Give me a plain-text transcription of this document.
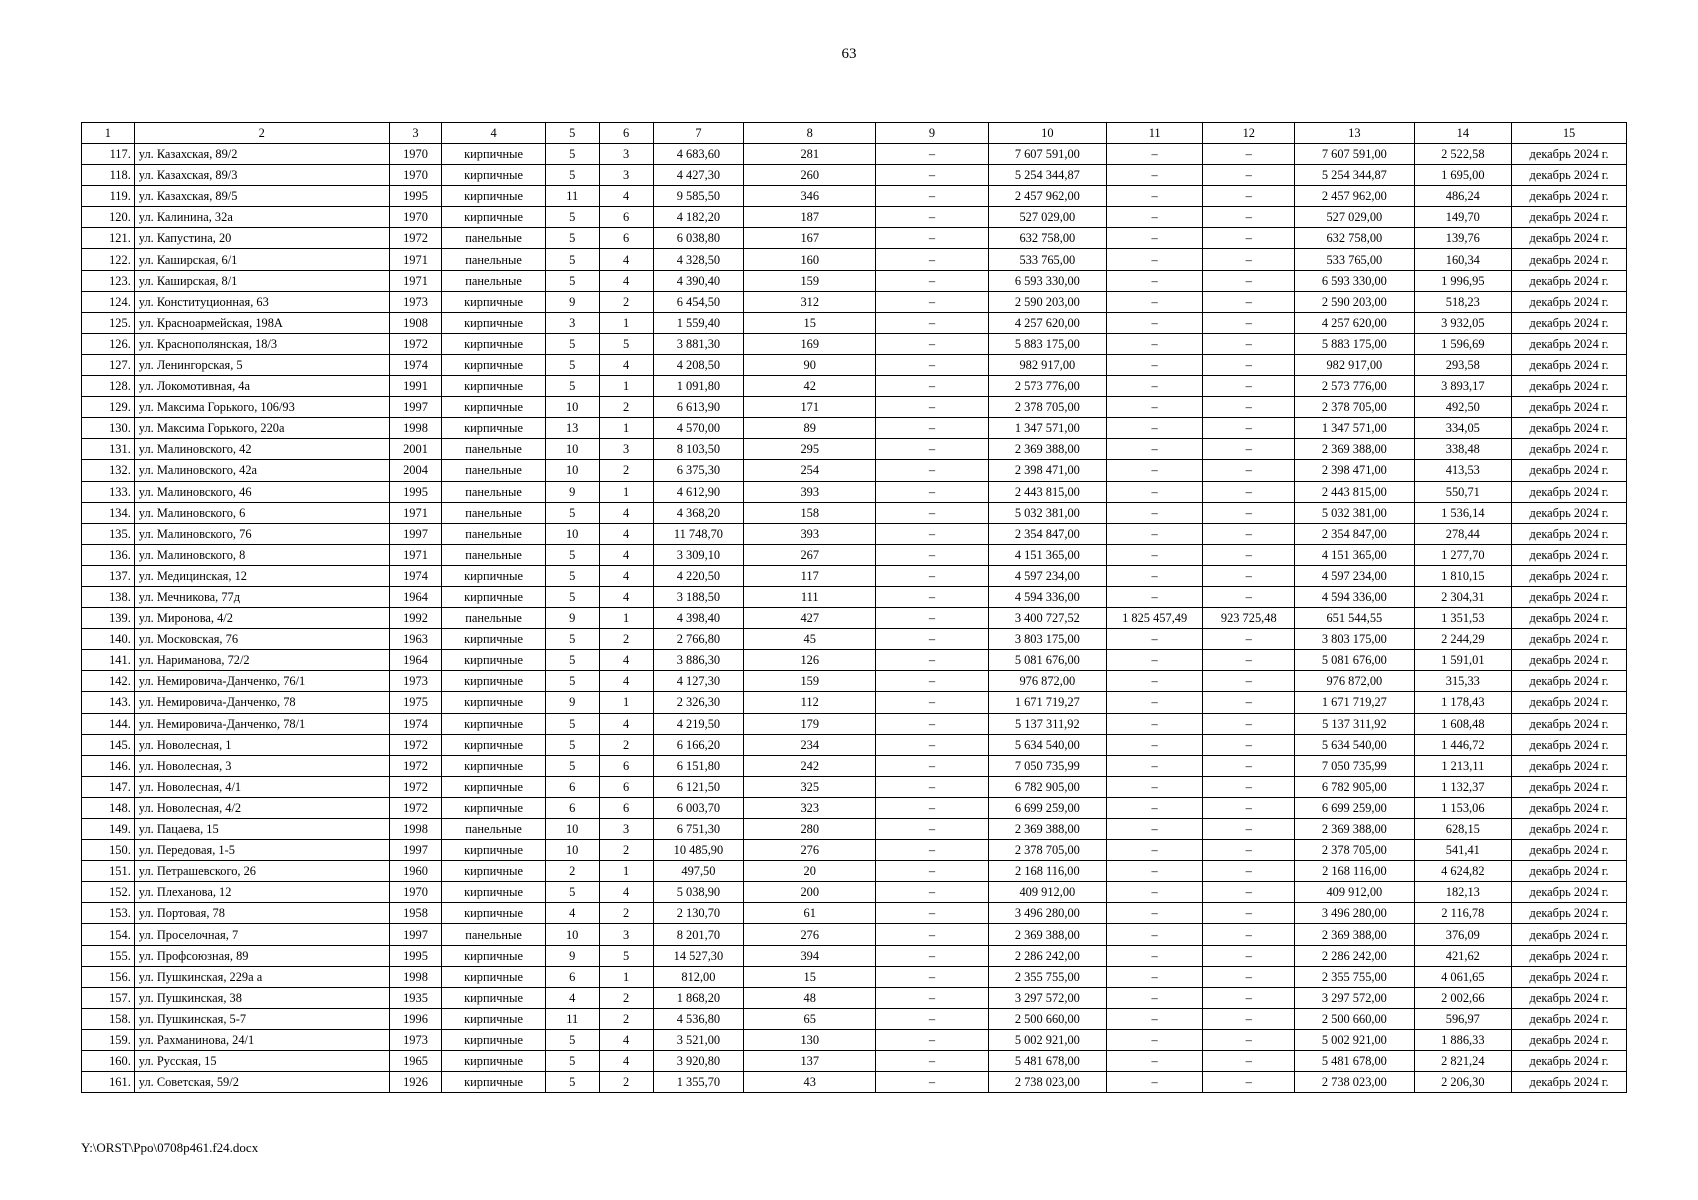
63
1	2	3	4	5	6	7	8	9	10	11	12	13	14	15
117.	ул. Казахская, 89/2	1970	кирпичные	5	3	4 683,60	281	–	7 607 591,00	–	–	7 607 591,00	2 522,58	декабрь 2024 г.
118.	ул. Казахская, 89/3	1970	кирпичные	5	3	4 427,30	260	–	5 254 344,87	–	–	5 254 344,87	1 695,00	декабрь 2024 г.
119.	ул. Казахская, 89/5	1995	кирпичные	11	4	9 585,50	346	–	2 457 962,00	–	–	2 457 962,00	486,24	декабрь 2024 г.
120.	ул. Калинина, 32а	1970	кирпичные	5	6	4 182,20	187	–	527 029,00	–	–	527 029,00	149,70	декабрь 2024 г.
121.	ул. Капустина, 20	1972	панельные	5	6	6 038,80	167	–	632 758,00	–	–	632 758,00	139,76	декабрь 2024 г.
122.	ул. Каширская, 6/1	1971	панельные	5	4	4 328,50	160	–	533 765,00	–	–	533 765,00	160,34	декабрь 2024 г.
123.	ул. Каширская, 8/1	1971	панельные	5	4	4 390,40	159	–	6 593 330,00	–	–	6 593 330,00	1 996,95	декабрь 2024 г.
124.	ул. Конституционная, 63	1973	кирпичные	9	2	6 454,50	312	–	2 590 203,00	–	–	2 590 203,00	518,23	декабрь 2024 г.
125.	ул. Красноармейская, 198А	1908	кирпичные	3	1	1 559,40	15	–	4 257 620,00	–	–	4 257 620,00	3 932,05	декабрь 2024 г.
126.	ул. Краснополянская, 18/3	1972	кирпичные	5	5	3 881,30	169	–	5 883 175,00	–	–	5 883 175,00	1 596,69	декабрь 2024 г.
127.	ул. Ленингорская, 5	1974	кирпичные	5	4	4 208,50	90	–	982 917,00	–	–	982 917,00	293,58	декабрь 2024 г.
128.	ул. Локомотивная, 4а	1991	кирпичные	5	1	1 091,80	42	–	2 573 776,00	–	–	2 573 776,00	3 893,17	декабрь 2024 г.
129.	ул. Максима Горького, 106/93	1997	кирпичные	10	2	6 613,90	171	–	2 378 705,00	–	–	2 378 705,00	492,50	декабрь 2024 г.
130.	ул. Максима Горького, 220а	1998	кирпичные	13	1	4 570,00	89	–	1 347 571,00	–	–	1 347 571,00	334,05	декабрь 2024 г.
131.	ул. Малиновского, 42	2001	панельные	10	3	8 103,50	295	–	2 369 388,00	–	–	2 369 388,00	338,48	декабрь 2024 г.
132.	ул. Малиновского, 42а	2004	панельные	10	2	6 375,30	254	–	2 398 471,00	–	–	2 398 471,00	413,53	декабрь 2024 г.
133.	ул. Малиновского, 46	1995	панельные	9	1	4 612,90	393	–	2 443 815,00	–	–	2 443 815,00	550,71	декабрь 2024 г.
134.	ул. Малиновского, 6	1971	панельные	5	4	4 368,20	158	–	5 032 381,00	–	–	5 032 381,00	1 536,14	декабрь 2024 г.
135.	ул. Малиновского, 76	1997	панельные	10	4	11 748,70	393	–	2 354 847,00	–	–	2 354 847,00	278,44	декабрь 2024 г.
136.	ул. Малиновского, 8	1971	панельные	5	4	3 309,10	267	–	4 151 365,00	–	–	4 151 365,00	1 277,70	декабрь 2024 г.
137.	ул. Медицинская, 12	1974	кирпичные	5	4	4 220,50	117	–	4 597 234,00	–	–	4 597 234,00	1 810,15	декабрь 2024 г.
138.	ул. Мечникова, 77д	1964	кирпичные	5	4	3 188,50	111	–	4 594 336,00	–	–	4 594 336,00	2 304,31	декабрь 2024 г.
139.	ул. Миронова, 4/2	1992	панельные	9	1	4 398,40	427	–	3 400 727,52	1 825 457,49	923 725,48	651 544,55	1 351,53	декабрь 2024 г.
140.	ул. Московская, 76	1963	кирпичные	5	2	2 766,80	45	–	3 803 175,00	–	–	3 803 175,00	2 244,29	декабрь 2024 г.
141.	ул. Нариманова, 72/2	1964	кирпичные	5	4	3 886,30	126	–	5 081 676,00	–	–	5 081 676,00	1 591,01	декабрь 2024 г.
142.	ул. Немировича-Данченко, 76/1	1973	кирпичные	5	4	4 127,30	159	–	976 872,00	–	–	976 872,00	315,33	декабрь 2024 г.
143.	ул. Немировича-Данченко, 78	1975	кирпичные	9	1	2 326,30	112	–	1 671 719,27	–	–	1 671 719,27	1 178,43	декабрь 2024 г.
144.	ул. Немировича-Данченко, 78/1	1974	кирпичные	5	4	4 219,50	179	–	5 137 311,92	–	–	5 137 311,92	1 608,48	декабрь 2024 г.
145.	ул. Новолесная, 1	1972	кирпичные	5	2	6 166,20	234	–	5 634 540,00	–	–	5 634 540,00	1 446,72	декабрь 2024 г.
146.	ул. Новолесная, 3	1972	кирпичные	5	6	6 151,80	242	–	7 050 735,99	–	–	7 050 735,99	1 213,11	декабрь 2024 г.
147.	ул. Новолесная, 4/1	1972	кирпичные	6	6	6 121,50	325	–	6 782 905,00	–	–	6 782 905,00	1 132,37	декабрь 2024 г.
148.	ул. Новолесная, 4/2	1972	кирпичные	6	6	6 003,70	323	–	6 699 259,00	–	–	6 699 259,00	1 153,06	декабрь 2024 г.
149.	ул. Пацаева, 15	1998	панельные	10	3	6 751,30	280	–	2 369 388,00	–	–	2 369 388,00	628,15	декабрь 2024 г.
150.	ул. Передовая, 1-5	1997	кирпичные	10	2	10 485,90	276	–	2 378 705,00	–	–	2 378 705,00	541,41	декабрь 2024 г.
151.	ул. Петрашевского, 26	1960	кирпичные	2	1	497,50	20	–	2 168 116,00	–	–	2 168 116,00	4 624,82	декабрь 2024 г.
152.	ул. Плеханова, 12	1970	кирпичные	5	4	5 038,90	200	–	409 912,00	–	–	409 912,00	182,13	декабрь 2024 г.
153.	ул. Портовая, 78	1958	кирпичные	4	2	2 130,70	61	–	3 496 280,00	–	–	3 496 280,00	2 116,78	декабрь 2024 г.
154.	ул. Проселочная, 7	1997	панельные	10	3	8 201,70	276	–	2 369 388,00	–	–	2 369 388,00	376,09	декабрь 2024 г.
155.	ул. Профсоюзная, 89	1995	кирпичные	9	5	14 527,30	394	–	2 286 242,00	–	–	2 286 242,00	421,62	декабрь 2024 г.
156.	ул. Пушкинская, 229а а	1998	кирпичные	6	1	812,00	15	–	2 355 755,00	–	–	2 355 755,00	4 061,65	декабрь 2024 г.
157.	ул. Пушкинская, 38	1935	кирпичные	4	2	1 868,20	48	–	3 297 572,00	–	–	3 297 572,00	2 002,66	декабрь 2024 г.
158.	ул. Пушкинская, 5-7	1996	кирпичные	11	2	4 536,80	65	–	2 500 660,00	–	–	2 500 660,00	596,97	декабрь 2024 г.
159.	ул. Рахманинова, 24/1	1973	кирпичные	5	4	3 521,00	130	–	5 002 921,00	–	–	5 002 921,00	1 886,33	декабрь 2024 г.
160.	ул. Русская, 15	1965	кирпичные	5	4	3 920,80	137	–	5 481 678,00	–	–	5 481 678,00	2 821,24	декабрь 2024 г.
161.	ул. Советская, 59/2	1926	кирпичные	5	2	1 355,70	43	–	2 738 023,00	–	–	2 738 023,00	2 206,30	декабрь 2024 г.
Y:\ORST\Ppo\0708p461.f24.docx
